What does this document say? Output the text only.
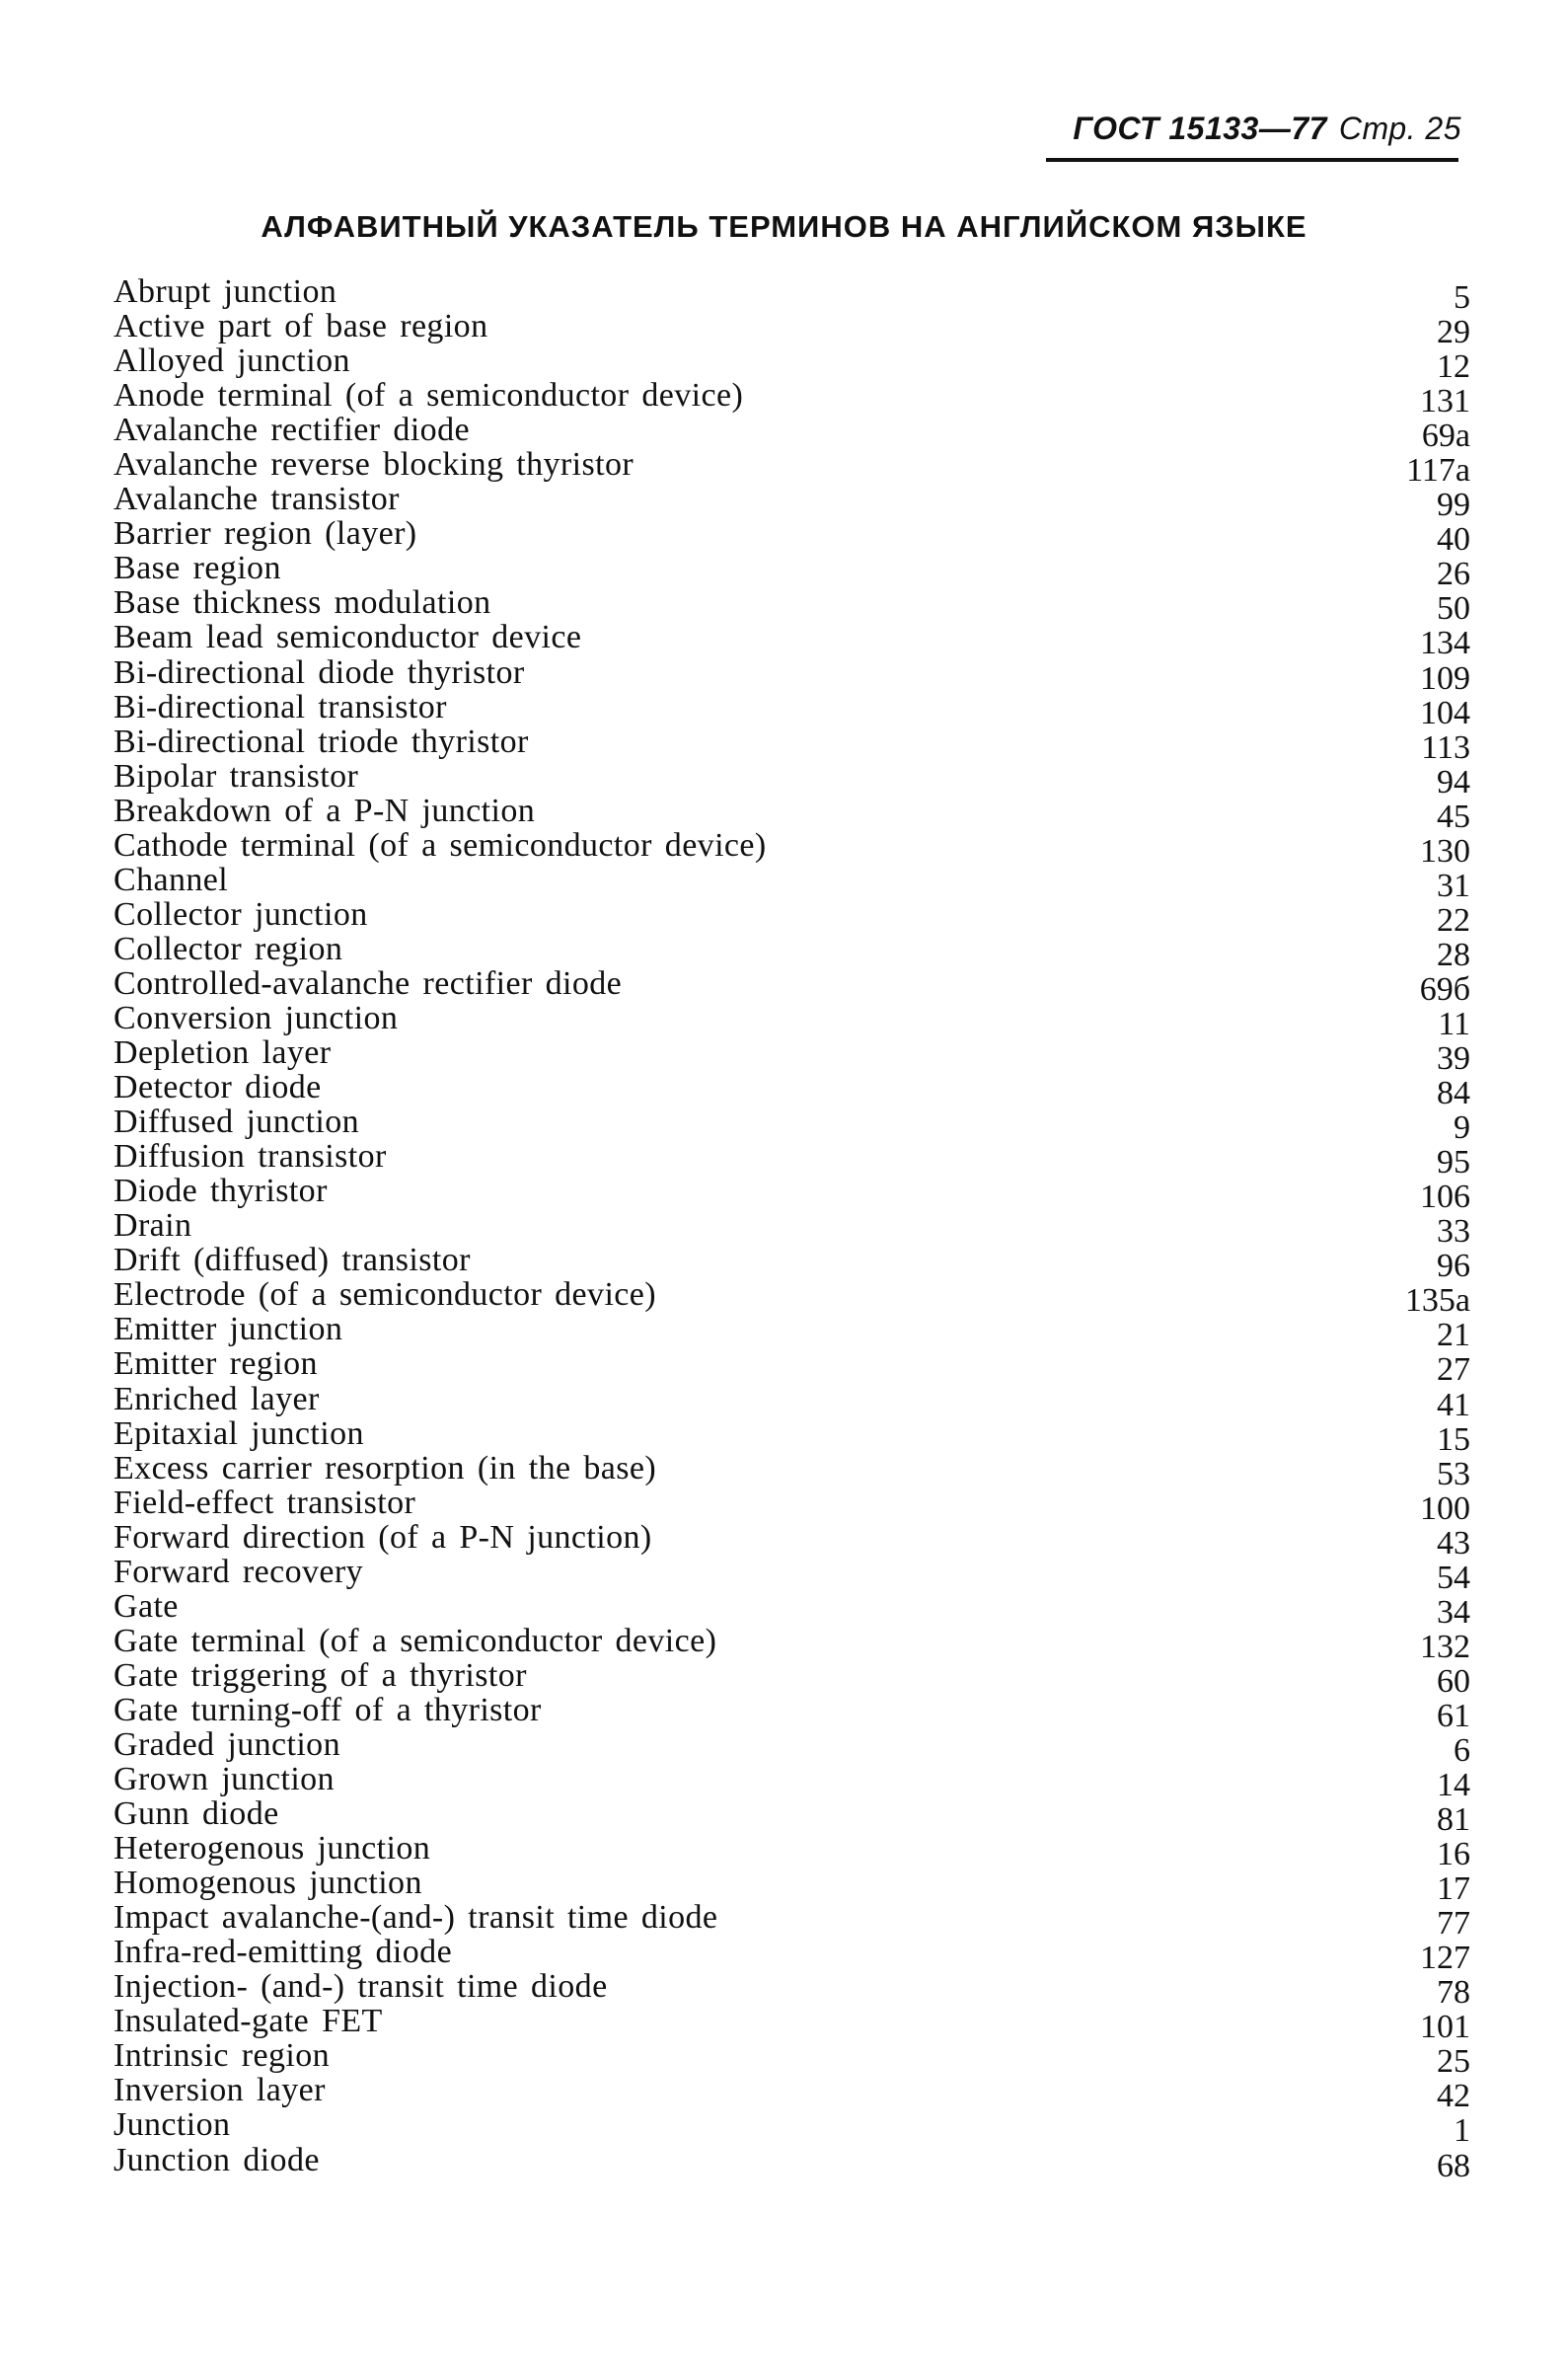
ГОСТ 15133—77 Стр. 25
АЛФАВИТНЫЙ УКАЗАТЕЛЬ ТЕРМИНОВ НА АНГЛИЙСКОМ ЯЗЫКЕ
Abrupt junction	5
Active part of base region	29
Alloyed junction	12
Anode terminal (of a semiconductor device)	131
Avalanche rectifier diode	69a
Avalanche reverse blocking thyristor	117a
Avalanche transistor	99
Barrier region (layer)	40
Base region	26
Base thickness modulation	50
Beam lead semiconductor device	134
Bi-directional diode thyristor	109
Bi-directional transistor	104
Bi-directional triode thyristor	113
Bipolar transistor	94
Breakdown of a P-N junction	45
Cathode terminal (of a semiconductor device)	130
Channel	31
Collector junction	22
Collector region	28
Controlled-avalanche rectifier diode	69б
Conversion junction	11
Depletion layer	39
Detector diode	84
Diffused junction	9
Diffusion transistor	95
Diode thyristor	106
Drain	33
Drift (diffused) transistor	96
Electrode (of a semiconductor device)	135a
Emitter junction	21
Emitter region	27
Enriched layer	41
Epitaxial junction	15
Excess carrier resorption (in the base)	53
Field-effect transistor	100
Forward direction (of a P-N junction)	43
Forward recovery	54
Gate	34
Gate terminal (of a semiconductor device)	132
Gate triggering of a thyristor	60
Gate turning-off of a thyristor	61
Graded junction	6
Grown junction	14
Gunn diode	81
Heterogenous junction	16
Homogenous junction	17
Impact avalanche-(and-) transit time diode	77
Infra-red-emitting diode	127
Injection- (and-) transit time diode	78
Insulated-gate FET	101
Intrinsic region	25
Inversion layer	42
Junction	1
Junction diode	68
